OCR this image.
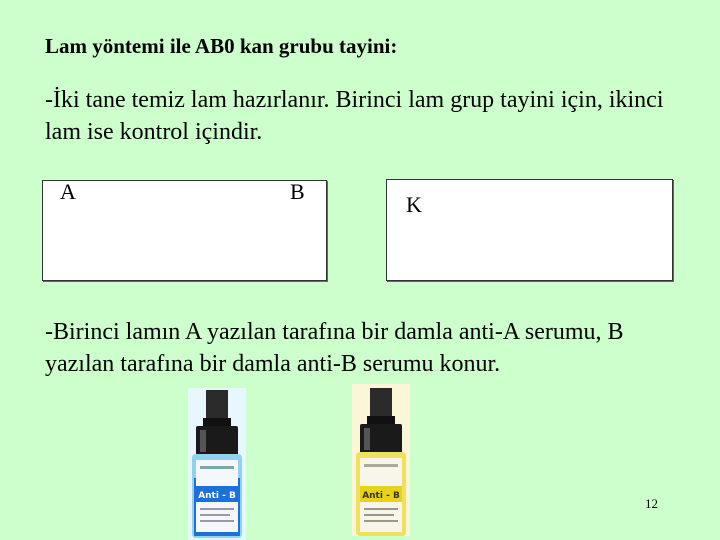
Lam yöntemi ile AB0 kan grubu tayini:
-İki tane temiz lam hazırlanır. Birinci lam grup tayini için, ikinci lam ise kontrol içindir.
A	B
K
-Birinci lamın A yazılan tarafına bir damla anti-A serumu, B yazılan tarafına bir damla anti-B serumu konur.
Anti - B	Anti - B	12
